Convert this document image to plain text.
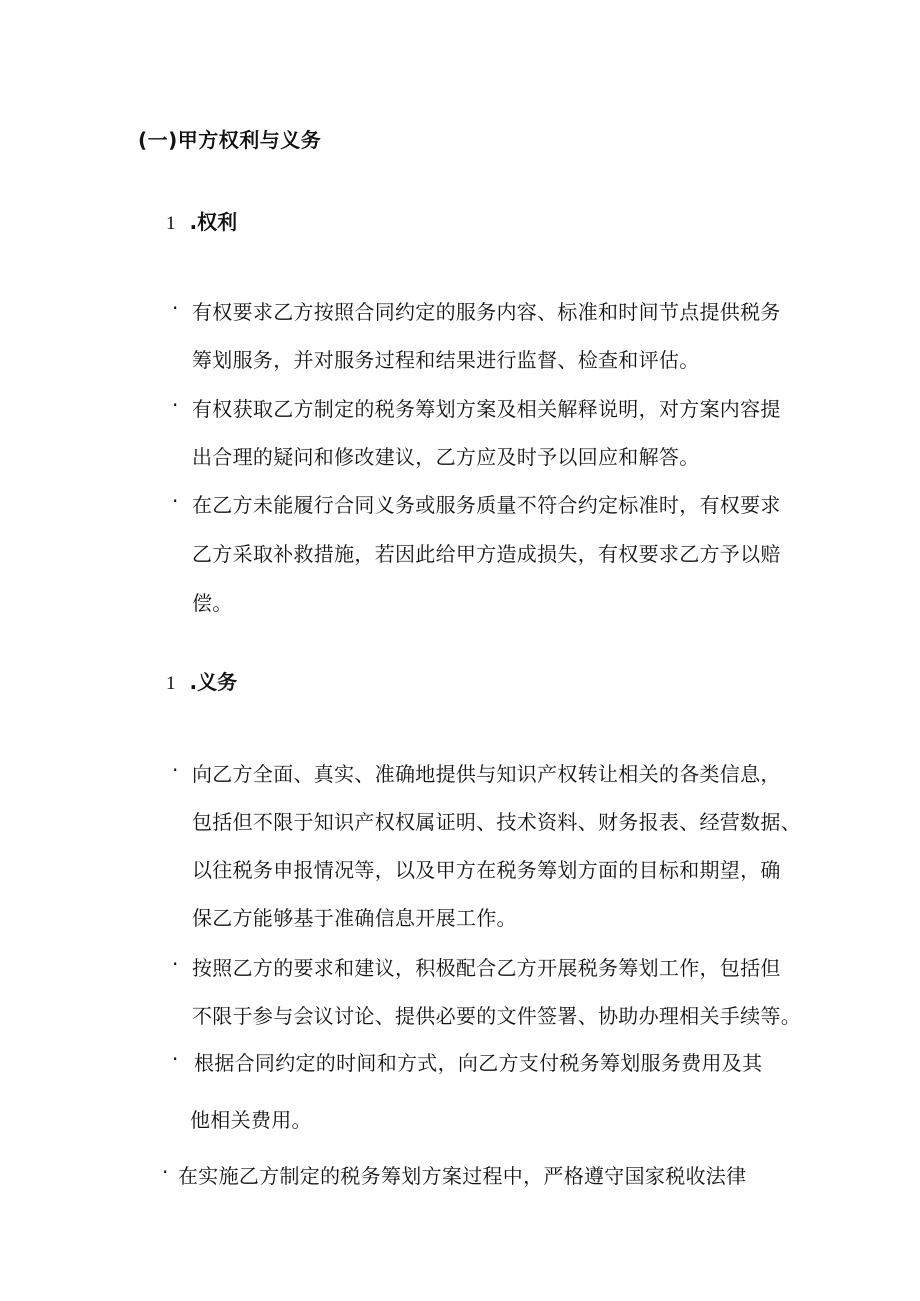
(一)甲方权利与义务
1 .权利
· 有权要求乙方按照合同约定的服务内容、标准和时间节点提供税务
筹划服务，并对服务过程和结果进行监督、检查和评估。
· 有权获取乙方制定的税务筹划方案及相关解释说明，对方案内容提
出合理的疑问和修改建议，乙方应及时予以回应和解答。
· 在乙方未能履行合同义务或服务质量不符合约定标准时，有权要求
乙方采取补救措施，若因此给甲方造成损失，有权要求乙方予以赔
偿。
1 .义务
· 向乙方全面、真实、准确地提供与知识产权转让相关的各类信息，
包括但不限于知识产权权属证明、技术资料、财务报表、经营数据、
以往税务申报情况等，以及甲方在税务筹划方面的目标和期望，确
保乙方能够基于准确信息开展工作。
· 按照乙方的要求和建议，积极配合乙方开展税务筹划工作，包括但
不限于参与会议讨论、提供必要的文件签署、协助办理相关手续等。
· 根据合同约定的时间和方式，向乙方支付税务筹划服务费用及其
他相关费用。
· 在实施乙方制定的税务筹划方案过程中，严格遵守国家税收法律
